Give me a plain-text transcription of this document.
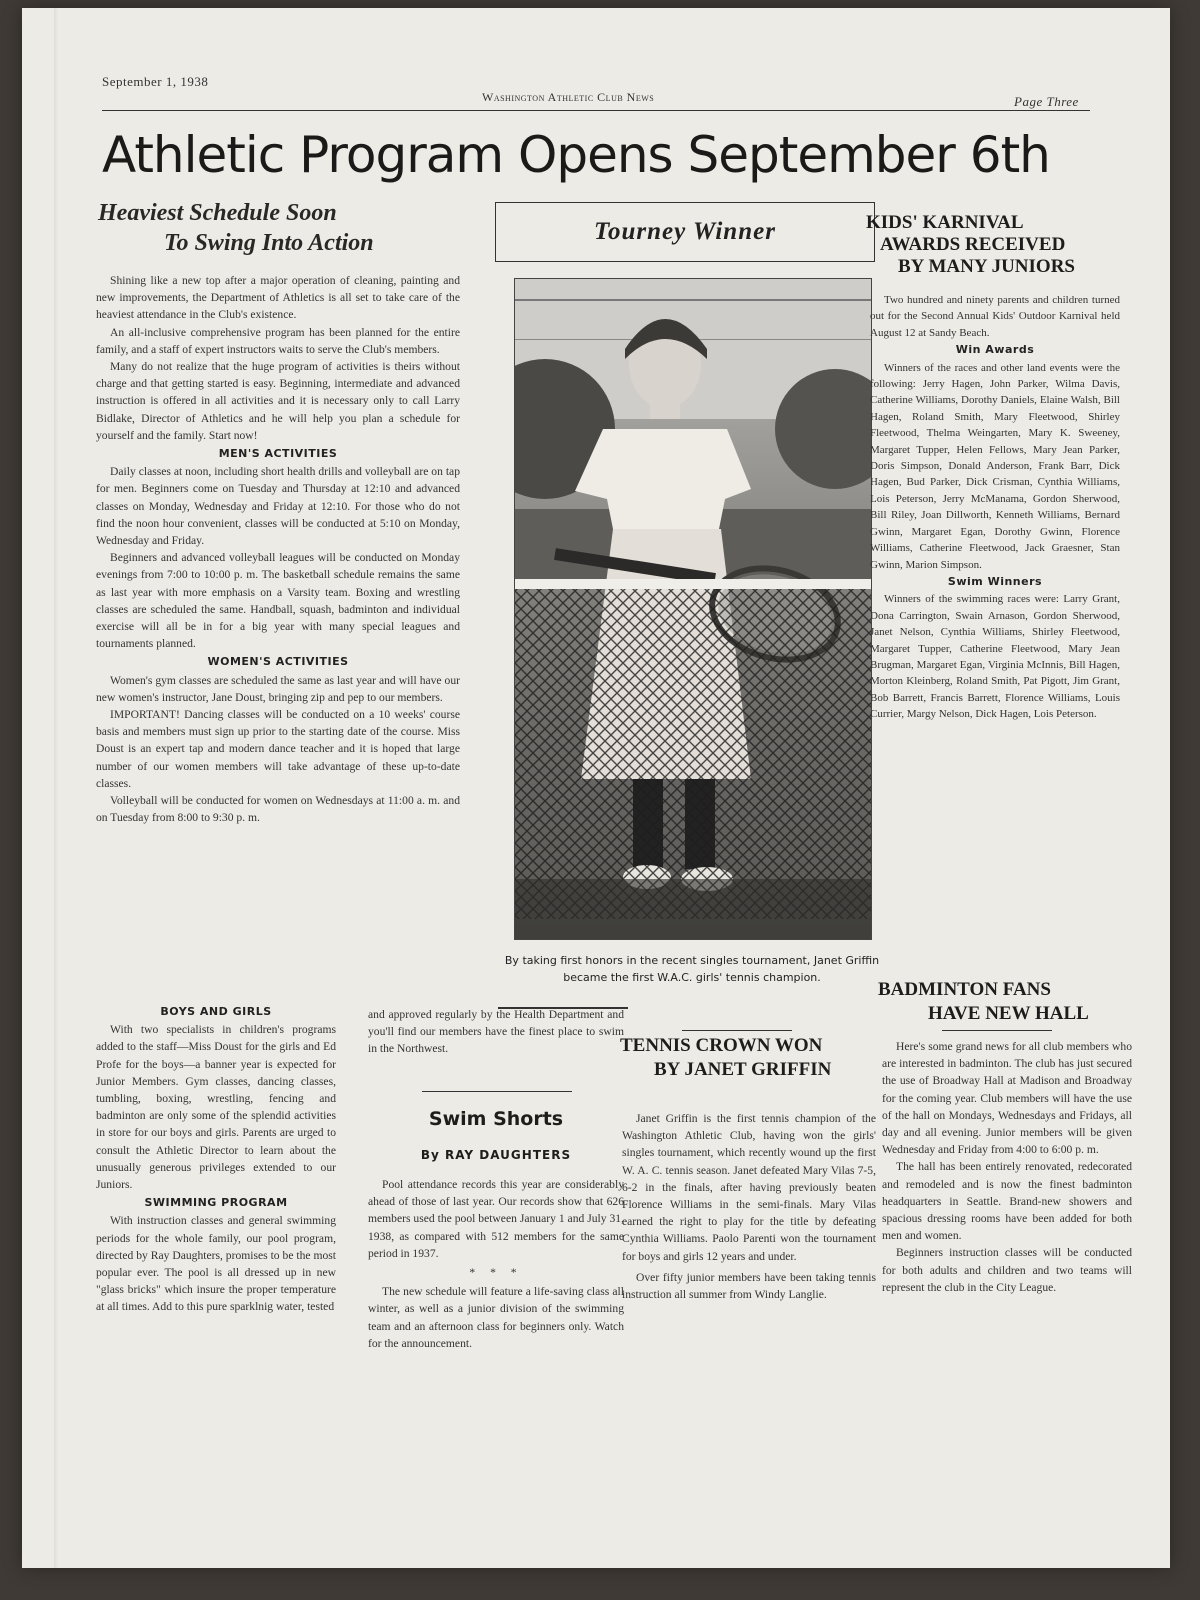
September 1, 1938
Washington Athletic Club News	Page Three
Athletic Program Opens September 6th
Heaviest Schedule Soon
To Swing Into Action

Shining like a new top after a major operation of cleaning, painting and new improvements, the Department of Athletics is all set to take care of the heaviest attendance in the Club's existence.

An all-inclusive comprehensive program has been planned for the entire family, and a staff of expert instructors waits to serve the Club's members.

Many do not realize that the huge program of activities is theirs without charge and that getting started is easy. Beginning, intermediate and advanced instruction is offered in all activities and it is necessary only to call Larry Bidlake, Director of Athletics and he will help you plan a schedule for yourself and the family. Start now!

MEN'S ACTIVITIES

Daily classes at noon, including short health drills and volleyball are on tap for men. Beginners come on Tuesday and Thursday at 12:10 and advanced classes on Monday, Wednesday and Friday at 12:10. For those who do not find the noon hour convenient, classes will be conducted at 5:10 on Monday, Wednesday and Friday.

Beginners and advanced volleyball leagues will be conducted on Monday evenings from 7:00 to 10:00 p. m. The basketball schedule remains the same as last year with more emphasis on a Varsity team. Boxing and wrestling classes are scheduled the same. Handball, squash, badminton and individual exercise will all be in for a big year with many special leagues and tournaments planned.

WOMEN'S ACTIVITIES

Women's gym classes are scheduled the same as last year and will have our new women's instructor, Jane Doust, bringing zip and pep to our members.

IMPORTANT! Dancing classes will be conducted on a 10 weeks' course basis and members must sign up prior to the starting date of the course. Miss Doust is an expert tap and modern dance teacher and it is hoped that large number of our women members will take advantage of these up-to-date classes.

Volleyball will be conducted for women on Wednesdays at 11:00 a. m. and on Tuesday from 8:00 to 9:30 p. m.

BOYS AND GIRLS

With two specialists in children's programs added to the staff—Miss Doust for the girls and Ed Profe for the boys—a banner year is expected for Junior Members. Gym classes, dancing classes, tumbling, boxing, wrestling, fencing and badminton are only some of the splendid activities in store for our boys and girls. Parents are urged to consult the Athletic Director to learn about the unusually generous privileges extended to our Juniors.

SWIMMING PROGRAM

With instruction classes and general swimming periods for the whole family, our pool program, directed by Ray Daughters, promises to be the most popular ever. The pool is all dressed up in new "glass bricks" which insure the proper temperature at all times. Add to this pure sparklnig water, tested

Tourney Winner
By taking first honors in the recent singles tournament, Janet Griffin became the first W.A.C. girls' tennis champion.

and approved regularly by the Health Department and you'll find our members have the finest place to swim in the Northwest.

Swim Shorts
By RAY DAUGHTERS

Pool attendance records this year are considerably ahead of those of last year. Our records show that 626 members used the pool between January 1 and July 31, 1938, as compared with 512 members for the same period in 1937.

* * *

The new schedule will feature a life-saving class all winter, as well as a junior division of the swimming team and an afternoon class for beginners only. Watch for the announcement.

TENNIS CROWN WON
BY JANET GRIFFIN

Janet Griffin is the first tennis champion of the Washington Athletic Club, having won the girls' singles tournament, which recently wound up the first W. A. C. tennis season. Janet defeated Mary Vilas 7-5, 6-2 in the finals, after having previously beaten Florence Williams in the semi-finals. Mary Vilas earned the right to play for the title by defeating Cynthia Williams. Paolo Parenti won the tournament for boys and girls 12 years and under.

Over fifty junior members have been taking tennis instruction all summer from Windy Langlie.

KIDS' KARNIVAL
AWARDS RECEIVED
BY MANY JUNIORS

Two hundred and ninety parents and children turned out for the Second Annual Kids' Outdoor Karnival held August 12 at Sandy Beach.

Win Awards

Winners of the races and other land events were the following: Jerry Hagen, John Parker, Wilma Davis, Catherine Williams, Dorothy Daniels, Elaine Walsh, Bill Hagen, Roland Smith, Mary Fleetwood, Shirley Fleetwood, Thelma Weingarten, Mary K. Sweeney, Margaret Tupper, Helen Fellows, Mary Jean Parker, Doris Simpson, Donald Anderson, Frank Barr, Dick Hagen, Bud Parker, Dick Crisman, Cynthia Williams, Lois Peterson, Jerry McManama, Gordon Sherwood, Bill Riley, Joan Dillworth, Kenneth Williams, Bernard Gwinn, Margaret Egan, Dorothy Gwinn, Florence Williams, Catherine Fleetwood, Jack Graesner, Stan Gwinn, Marion Simpson.

Swim Winners

Winners of the swimming races were: Larry Grant, Dona Carrington, Swain Arnason, Gordon Sherwood, Janet Nelson, Cynthia Williams, Shirley Fleetwood, Margaret Tupper, Catherine Fleetwood, Mary Jean Brugman, Margaret Egan, Virginia McInnis, Bill Hagen, Morton Kleinberg, Roland Smith, Pat Pigott, Jim Grant, Bob Barrett, Francis Barrett, Florence Williams, Louis Currier, Margy Nelson, Dick Hagen, Lois Peterson.

BADMINTON FANS
HAVE NEW HALL

Here's some grand news for all club members who are interested in badminton. The club has just secured the use of Broadway Hall at Madison and Broadway for the coming year. Club members will have the use of the hall on Mondays, Wednesdays and Fridays, all day and all evening. Junior members will be given Wednesday and Friday from 4:00 to 6:00 p. m.

The hall has been entirely renovated, redecorated and remodeled and is now the finest badminton headquarters in Seattle. Brand-new showers and spacious dressing rooms have been added for both men and women.

Beginners instruction classes will be conducted for both adults and children and two teams will represent the club in the City League.
